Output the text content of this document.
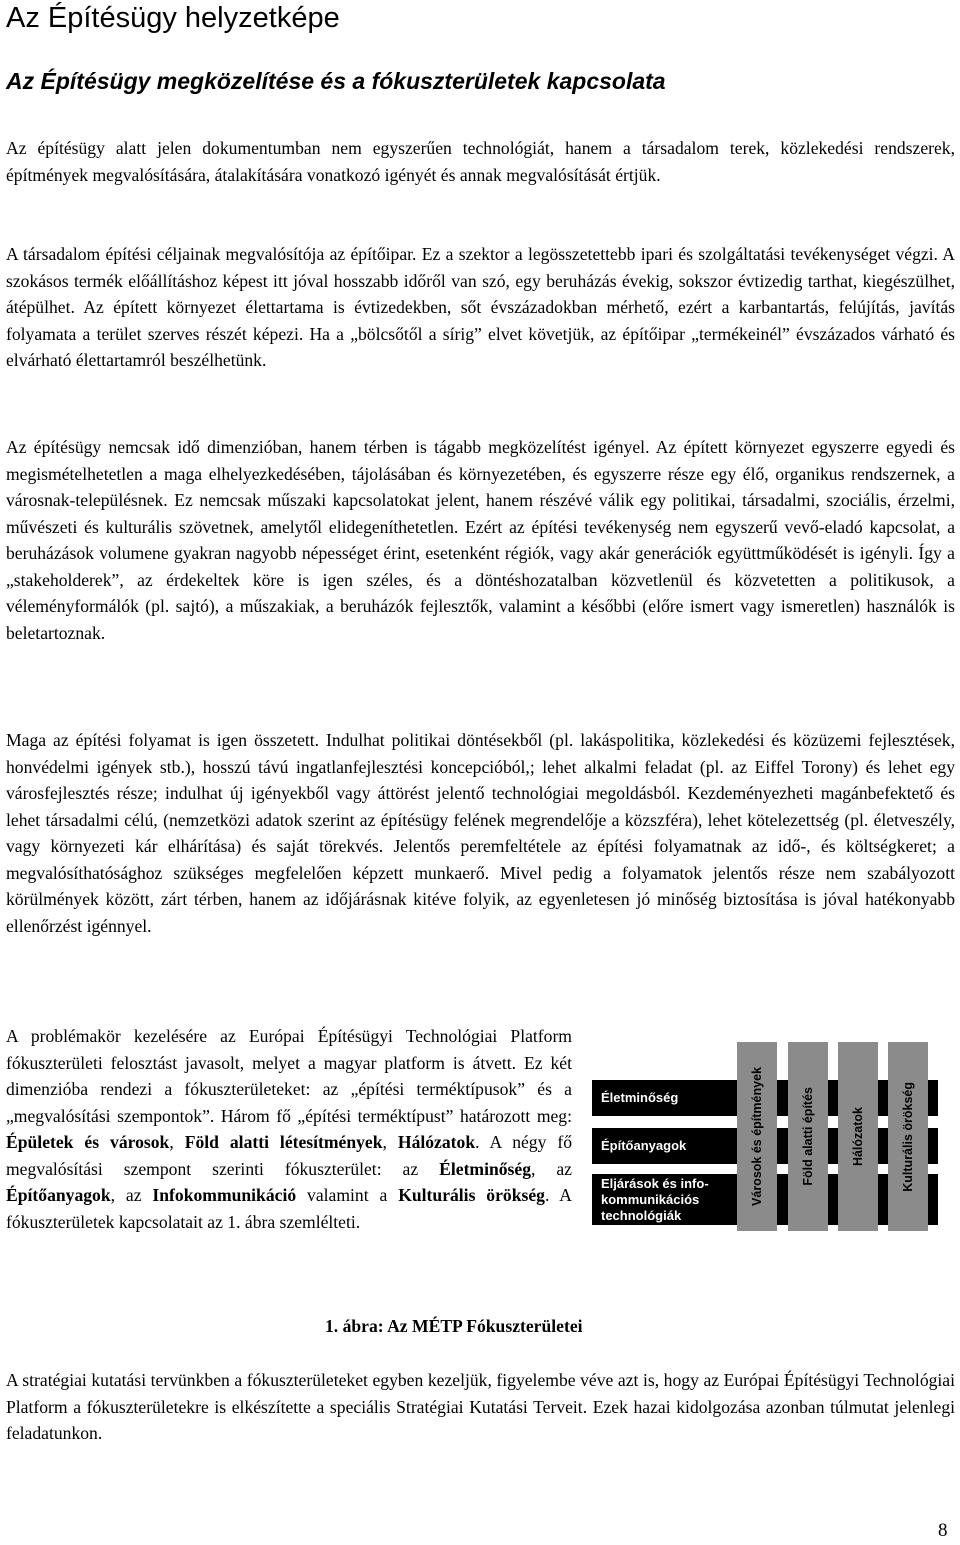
Az Építésügy helyzetképe
Az Építésügy megközelítése és a fókuszterületek kapcsolata

Az építésügy alatt jelen dokumentumban nem egyszerűen technológiát, hanem a társadalom terek, közlekedési rendszerek, építmények megvalósítására, átalakítására vonatkozó igényét és annak megvalósítását értjük.

A társadalom építési céljainak megvalósítója az építőipar. Ez a szektor a legösszetettebb ipari és szolgáltatási tevékenységet végzi. A szokásos termék előállításhoz képest itt jóval hosszabb időről van szó, egy beruházás évekig, sokszor évtizedig tarthat, kiegészülhet, átépülhet. Az épített környezet élettartama is évtizedekben, sőt évszázadokban mérhető, ezért a karbantartás, felújítás, javítás folyamata a terület szerves részét képezi. Ha a „bölcsőtől a sírig” elvet követjük, az építőipar „termékeinél” évszázados várható és elvárható élettartamról beszélhetünk.

Az építésügy nemcsak idő dimenzióban, hanem térben is tágabb megközelítést igényel. Az épített környezet egyszerre egyedi és megismételhetetlen a maga elhelyezkedésében, tájolásában és környezetében, és egyszerre része egy élő, organikus rendszernek, a városnak-településnek. Ez nemcsak műszaki kapcsolatokat jelent, hanem részévé válik egy politikai, társadalmi, szociális, érzelmi, művészeti és kulturális szövetnek, amelytől elidegeníthetetlen. Ezért az építési tevékenység nem egyszerű vevő-eladó kapcsolat, a beruházások volumene gyakran nagyobb népességet érint, esetenként régiók, vagy akár generációk együttműködését is igényli. Így a „stakeholderek”, az érdekeltek köre is igen széles, és a döntéshozatalban közvetlenül és közvetetten a politikusok, a véleményformálók (pl. sajtó), a műszakiak, a beruházók fejlesztők, valamint a későbbi (előre ismert vagy ismeretlen) használók is beletartoznak.

Maga az építési folyamat is igen összetett. Indulhat politikai döntésekből (pl. lakáspolitika, közlekedési és közüzemi fejlesztések, honvédelmi igények stb.), hosszú távú ingatlanfejlesztési koncepcióból,; lehet alkalmi feladat (pl. az Eiffel Torony) és lehet egy városfejlesztés része; indulhat új igényekből vagy áttörést jelentő technológiai megoldásból. Kezdeményezheti magánbefektető és lehet társadalmi célú, (nemzetközi adatok szerint az építésügy felének megrendelője a közszféra), lehet kötelezettség (pl. életveszély, vagy környezeti kár elhárítása) és saját törekvés. Jelentős peremfeltétele az építési folyamatnak az idő-, és költségkeret; a megvalósíthatósághoz szükséges megfelelően képzett munkaerő. Mivel pedig a folyamatok jelentős része nem szabályozott körülmények között, zárt térben, hanem az időjárásnak kitéve folyik, az egyenletesen jó minőség biztosítása is jóval hatékonyabb ellenőrzést igénnyel.

A problémakör kezelésére az Európai Építésügyi Technológiai Platform fókuszterületi felosztást javasolt, melyet a magyar platform is átvett. Ez két dimenzióba rendezi a fókuszterületeket: az „építési terméktípusok” és a „megvalósítási szempontok”. Három fő „építési terméktípust” határozott meg: Épületek és városok, Föld alatti létesítmények, Hálózatok. A négy fő megvalósítási szempont szerinti fókuszterület: az Életminőség, az Építőanyagok, az Infokommunikáció valamint a Kulturális örökség. A fókuszterületek kapcsolatait az 1. ábra szemlélteti.

Életminőség
Építőanyagok
Eljárások és info-kommunikációs technológiák
Városok és építmények	Föld alatti építés	Hálózatok	Kulturális örökség

1. ábra: Az MÉTP Fókuszterületei

A stratégiai kutatási tervünkben a fókuszterületeket egyben kezeljük, figyelembe véve azt is, hogy az Európai Építésügyi Technológiai Platform a fókuszterületekre is elkészítette a speciális Stratégiai Kutatási Terveit. Ezek hazai kidolgozása azonban túlmutat jelenlegi feladatunkon.

8
